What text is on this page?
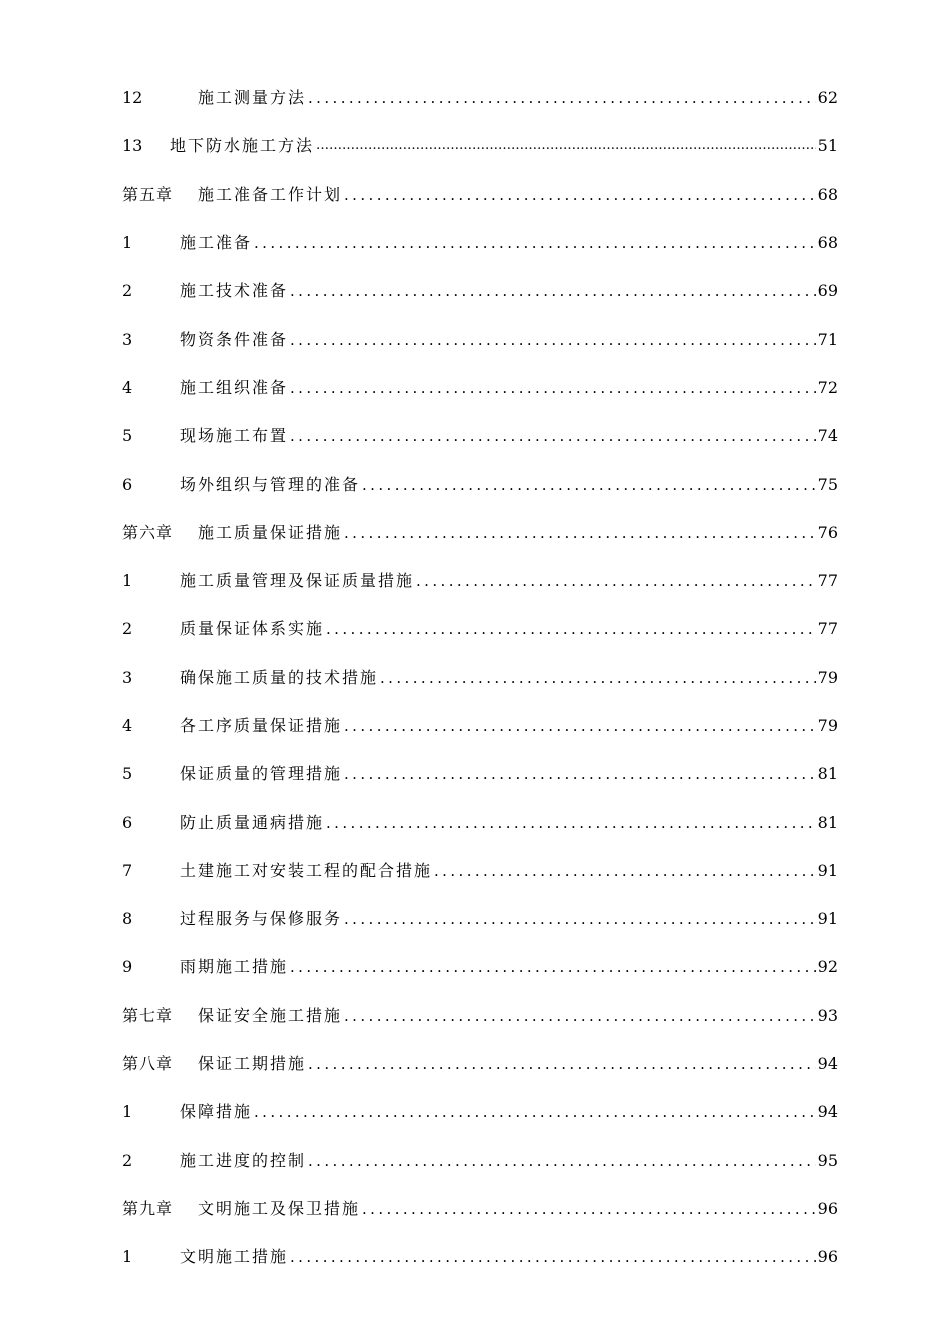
12	施工测量方法 .....	62
13	地下防水施工方法 …………………………………………………………………………………………………………………………………………………………………………………………	51
第五章	施工准备工作计划 .....	68
1	施工准备 .....	68
2	施工技术准备 .....	69
3	物资条件准备 .....	71
4	施工组织准备 .....	72
5	现场施工布置 .....	74
6	场外组织与管理的准备 .....	75
第六章	施工质量保证措施 .....	76
1	施工质量管理及保证质量措施 .....	77
2	质量保证体系实施 .....	77
3	确保施工质量的技术措施 .....	79
4	各工序质量保证措施 .....	79
5	保证质量的管理措施 .....	81
6	防止质量通病措施 .....	81
7	土建施工对安装工程的配合措施 .....	91
8	过程服务与保修服务 .....	91
9	雨期施工措施 .....	92
第七章	保证安全施工措施 .....	93
第八章	保证工期措施 .....	94
1	保障措施 .....	94
2	施工进度的控制 .....	95
第九章	文明施工及保卫措施 .....	96
1	文明施工措施 .....	96
